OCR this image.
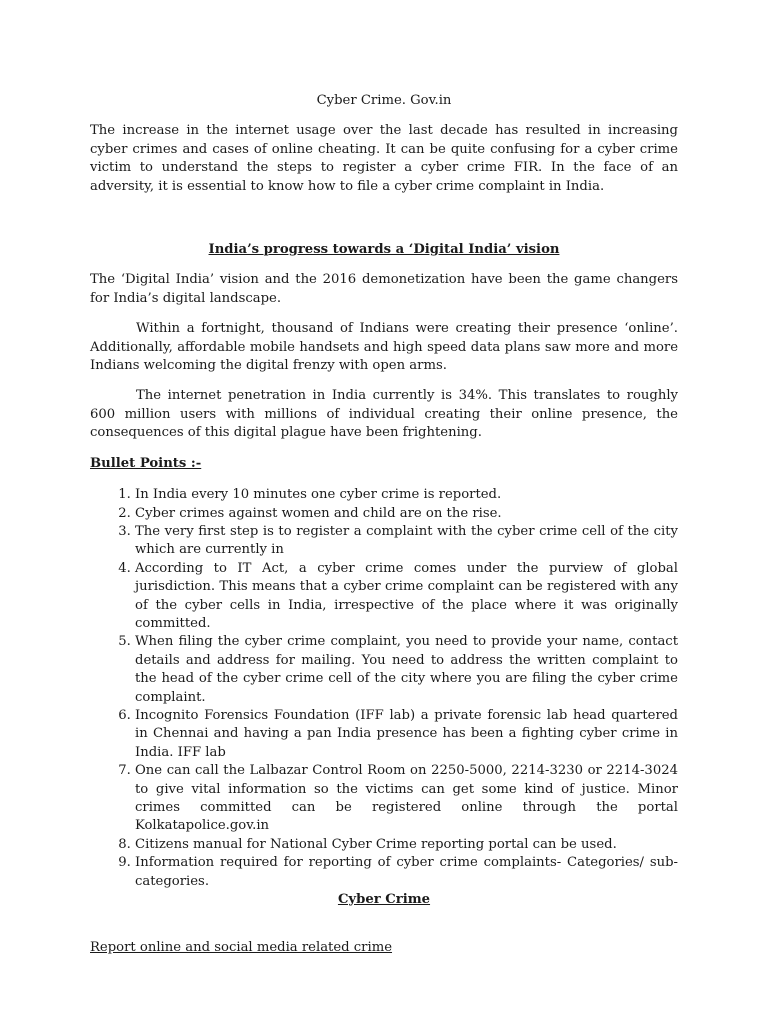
Cyber Crime. Gov.in

The increase in the internet usage over the last decade has resulted in increasing cyber crimes and cases of online cheating. It can be quite confusing for a cyber crime victim to understand the steps to register a cyber crime FIR. In the face of an adversity, it is essential to know how to file a cyber crime complaint in India.

India’s progress towards a ‘Digital India’ vision

The ‘Digital India’ vision and the 2016 demonetization have been the game changers for India’s digital landscape.

Within a fortnight, thousand of Indians were creating their presence ‘online’. Additionally, affordable mobile handsets and high speed data plans saw more and more Indians welcoming the digital frenzy with open arms.

The internet penetration in India currently is 34%. This translates to roughly 600 million users with millions of individual creating their online presence, the consequences of this digital plague have been frightening.

Bullet Points :-

1. In India every 10 minutes one cyber crime is reported.
2. Cyber crimes against women and child are on the rise.
3. The very first step is to register a complaint with the cyber crime cell of the city which are currently in
4. According to IT Act, a cyber crime comes under the purview of global jurisdiction. This means that a cyber crime complaint can be registered with any of the cyber cells in India, irrespective of the place where it was originally committed.
5. When filing the cyber crime complaint, you need to provide your name, contact details and address for mailing. You need to address the written complaint to the head of the cyber crime cell of the city where you are filing the cyber crime complaint.
6. Incognito Forensics Foundation (IFF lab) a private forensic lab head quartered in Chennai and having a pan India presence has been a fighting cyber crime in India. IFF lab
7. One can call the Lalbazar Control Room on 2250-5000, 2214-3230 or 2214-3024 to give vital information so the victims can get some kind of justice. Minor crimes committed can be registered online through the portal Kolkatapolice.gov.in
8. Citizens manual for National Cyber Crime reporting portal can be used.
9. Information required for reporting of cyber crime complaints- Categories/ sub-categories.

Cyber Crime

Report online and social media related crime
